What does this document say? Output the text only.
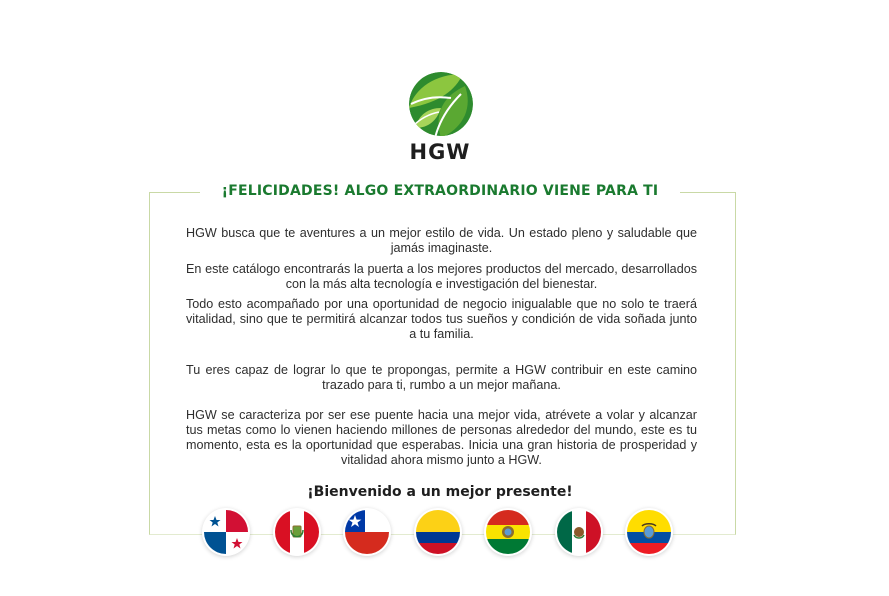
HGW
¡FELICIDADES! ALGO EXTRAORDINARIO VIENE PARA TI
HGW busca que te aventures a un mejor estilo de vida. Un estado pleno y saludable que jamás imaginaste.
En este catálogo encontrarás la puerta a los mejores productos del mercado, desarrollados con la más alta tecnología e investigación del bienestar.
Todo esto acompañado por una oportunidad de negocio inigualable que no solo te traerá vitalidad, sino que te permitirá alcanzar todos tus sueños y condición de vida soñada junto a tu familia.
Tu eres capaz de lograr lo que te propongas, permite a HGW contribuir en este camino trazado para ti, rumbo a un mejor mañana.
HGW se caracteriza por ser ese puente hacia una mejor vida, atrévete a volar y alcanzar tus metas como lo vienen haciendo millones de personas alrededor del mundo, este es tu momento, esta es la oportunidad que esperabas. Inicia una gran historia de prosperidad y vitalidad ahora mismo junto a HGW.
¡Bienvenido a un mejor presente!
